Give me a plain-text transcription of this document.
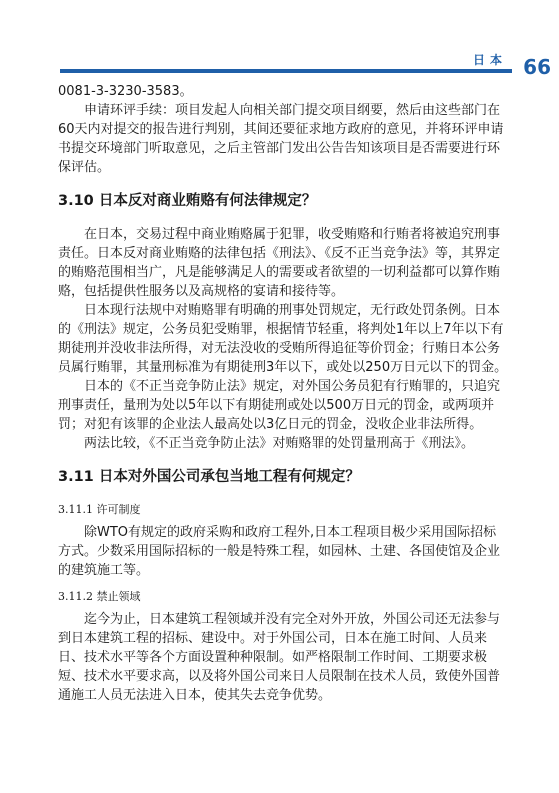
日本 66

0081-3-3230-3583。

申请环评手续：项目发起人向相关部门提交项目纲要，然后由这些部门在60天内对提交的报告进行判别，其间还要征求地方政府的意见，并将环评申请书提交环境部门听取意见，之后主管部门发出公告告知该项目是否需要进行环保评估。

3.10 日本反对商业贿赂有何法律规定？

在日本，交易过程中商业贿赂属于犯罪，收受贿赂和行贿者将被追究刑事责任。日本反对商业贿赂的法律包括《刑法》、《反不正当竞争法》等，其界定的贿赂范围相当广，凡是能够满足人的需要或者欲望的一切利益都可以算作贿赂，包括提供性服务以及高规格的宴请和接待等。

日本现行法规中对贿赂罪有明确的刑事处罚规定，无行政处罚条例。日本的《刑法》规定，公务员犯受贿罪，根据情节轻重，将判处1年以上7年以下有期徒刑并没收非法所得，对无法没收的受贿所得追征等价罚金；行贿日本公务员属行贿罪，其量刑标准为有期徒刑3年以下，或处以250万日元以下的罚金。

日本的《不正当竞争防止法》规定，对外国公务员犯有行贿罪的，只追究刑事责任，量刑为处以5年以下有期徒刑或处以500万日元的罚金，或两项并罚；对犯有该罪的企业法人最高处以3亿日元的罚金，没收企业非法所得。

两法比较，《不正当竞争防止法》对贿赂罪的处罚量刑高于《刑法》。

3.11 日本对外国公司承包当地工程有何规定？

3.11.1 许可制度

除WTO有规定的政府采购和政府工程外,日本工程项目极少采用国际招标方式。少数采用国际招标的一般是特殊工程，如园林、土建、各国使馆及企业的建筑施工等。

3.11.2 禁止领域

迄今为止，日本建筑工程领域并没有完全对外开放，外国公司还无法参与到日本建筑工程的招标、建设中。对于外国公司，日本在施工时间、人员来日、技术水平等各个方面设置种种限制。如严格限制工作时间、工期要求极短、技术水平要求高，以及将外国公司来日人员限制在技术人员，致使外国普通施工人员无法进入日本，使其失去竞争优势。
